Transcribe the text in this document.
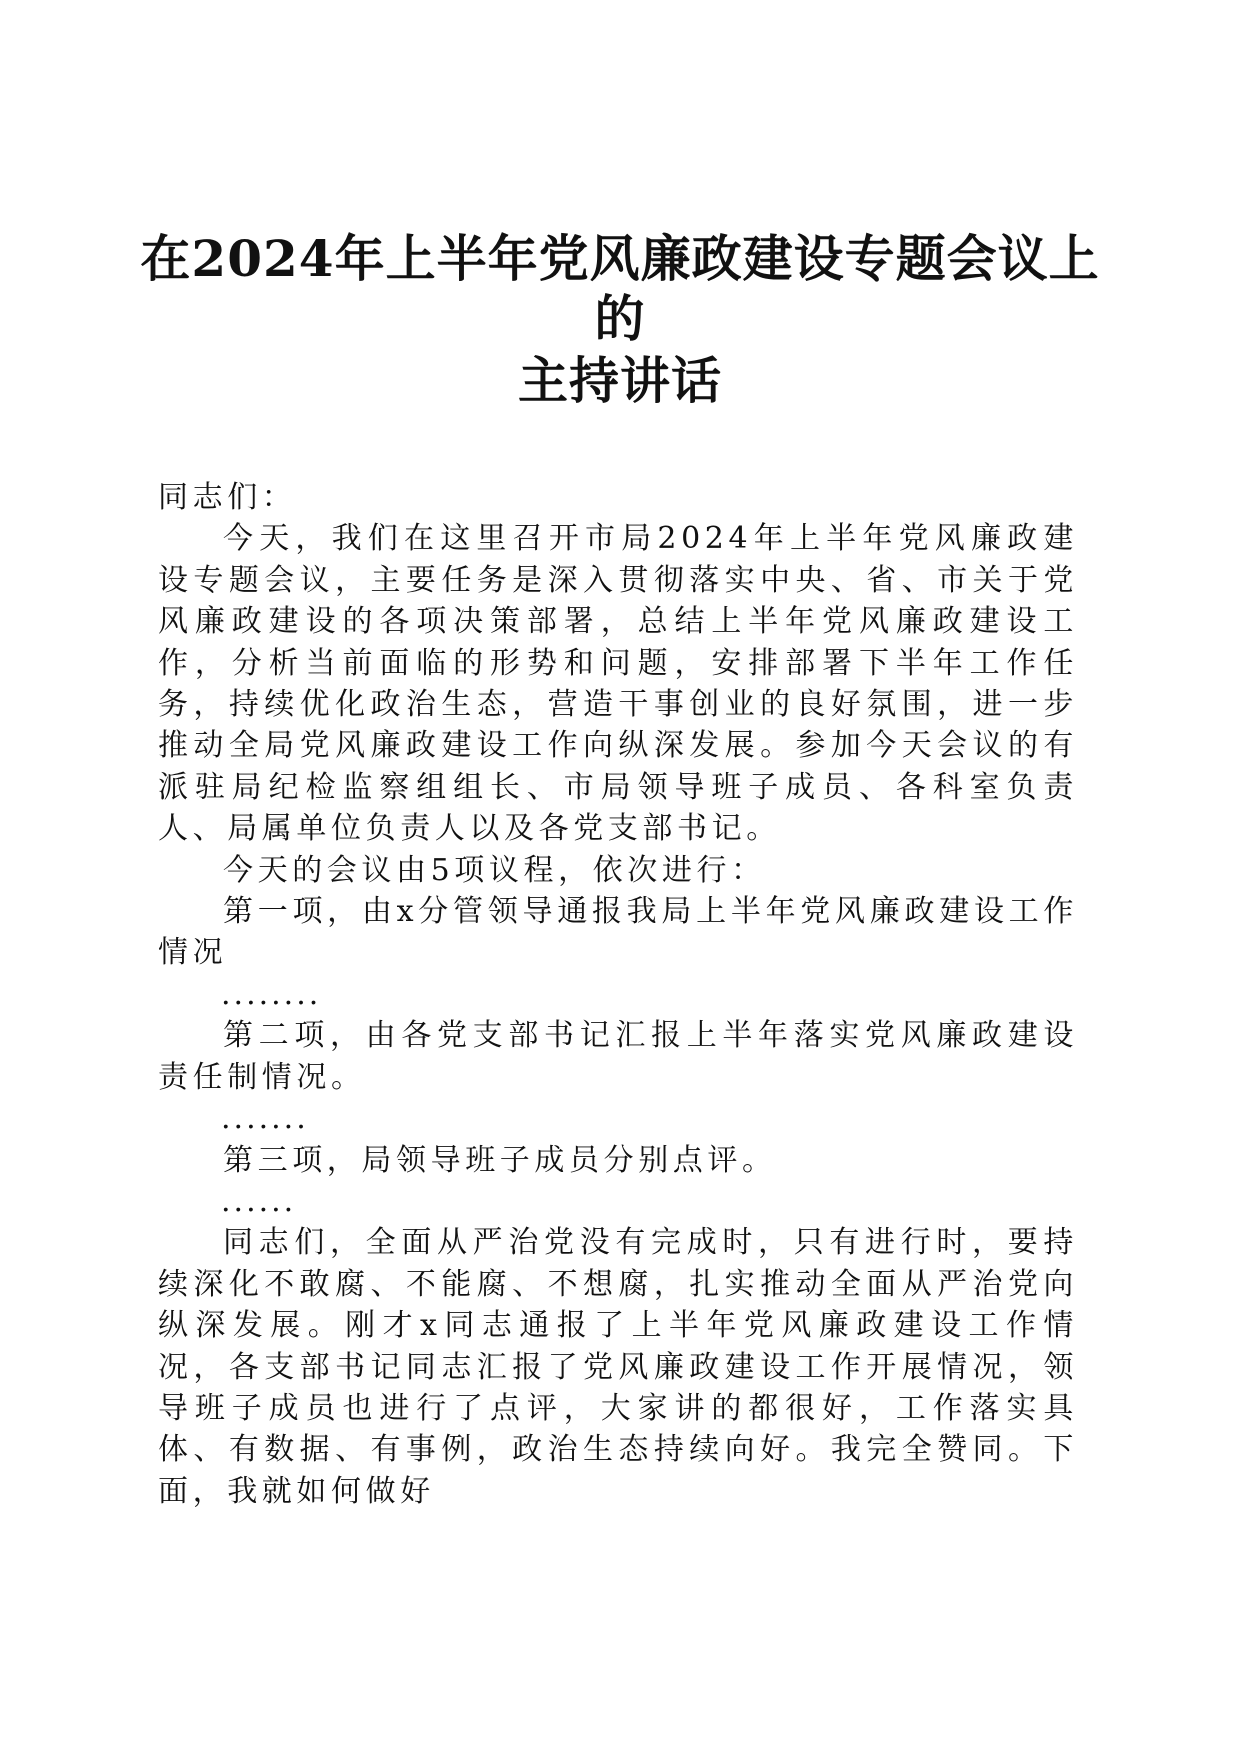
在2024年上半年党风廉政建设专题会议上的
主持讲话

同志们：

今天，我们在这里召开市局2024年上半年党风廉政建设专题会议，主要任务是深入贯彻落实中央、省、市关于党风廉政建设的各项决策部署，总结上半年党风廉政建设工作，分析当前面临的形势和问题，安排部署下半年工作任务，持续优化政治生态，营造干事创业的良好氛围，进一步推动全局党风廉政建设工作向纵深发展。参加今天会议的有派驻局纪检监察组组长、市局领导班子成员、各科室负责人、局属单位负责人以及各党支部书记。

今天的会议由5项议程，依次进行：

第一项，由x分管领导通报我局上半年党风廉政建设工作情况

........

第二项，由各党支部书记汇报上半年落实党风廉政建设责任制情况。

.......

第三项，局领导班子成员分别点评。

......

同志们，全面从严治党没有完成时，只有进行时，要持续深化不敢腐、不能腐、不想腐，扎实推动全面从严治党向纵深发展。刚才x同志通报了上半年党风廉政建设工作情况，各支部书记同志汇报了党风廉政建设工作开展情况，领导班子成员也进行了点评，大家讲的都很好，工作落实具体、有数据、有事例，政治生态持续向好。我完全赞同。下面，我就如何做好
